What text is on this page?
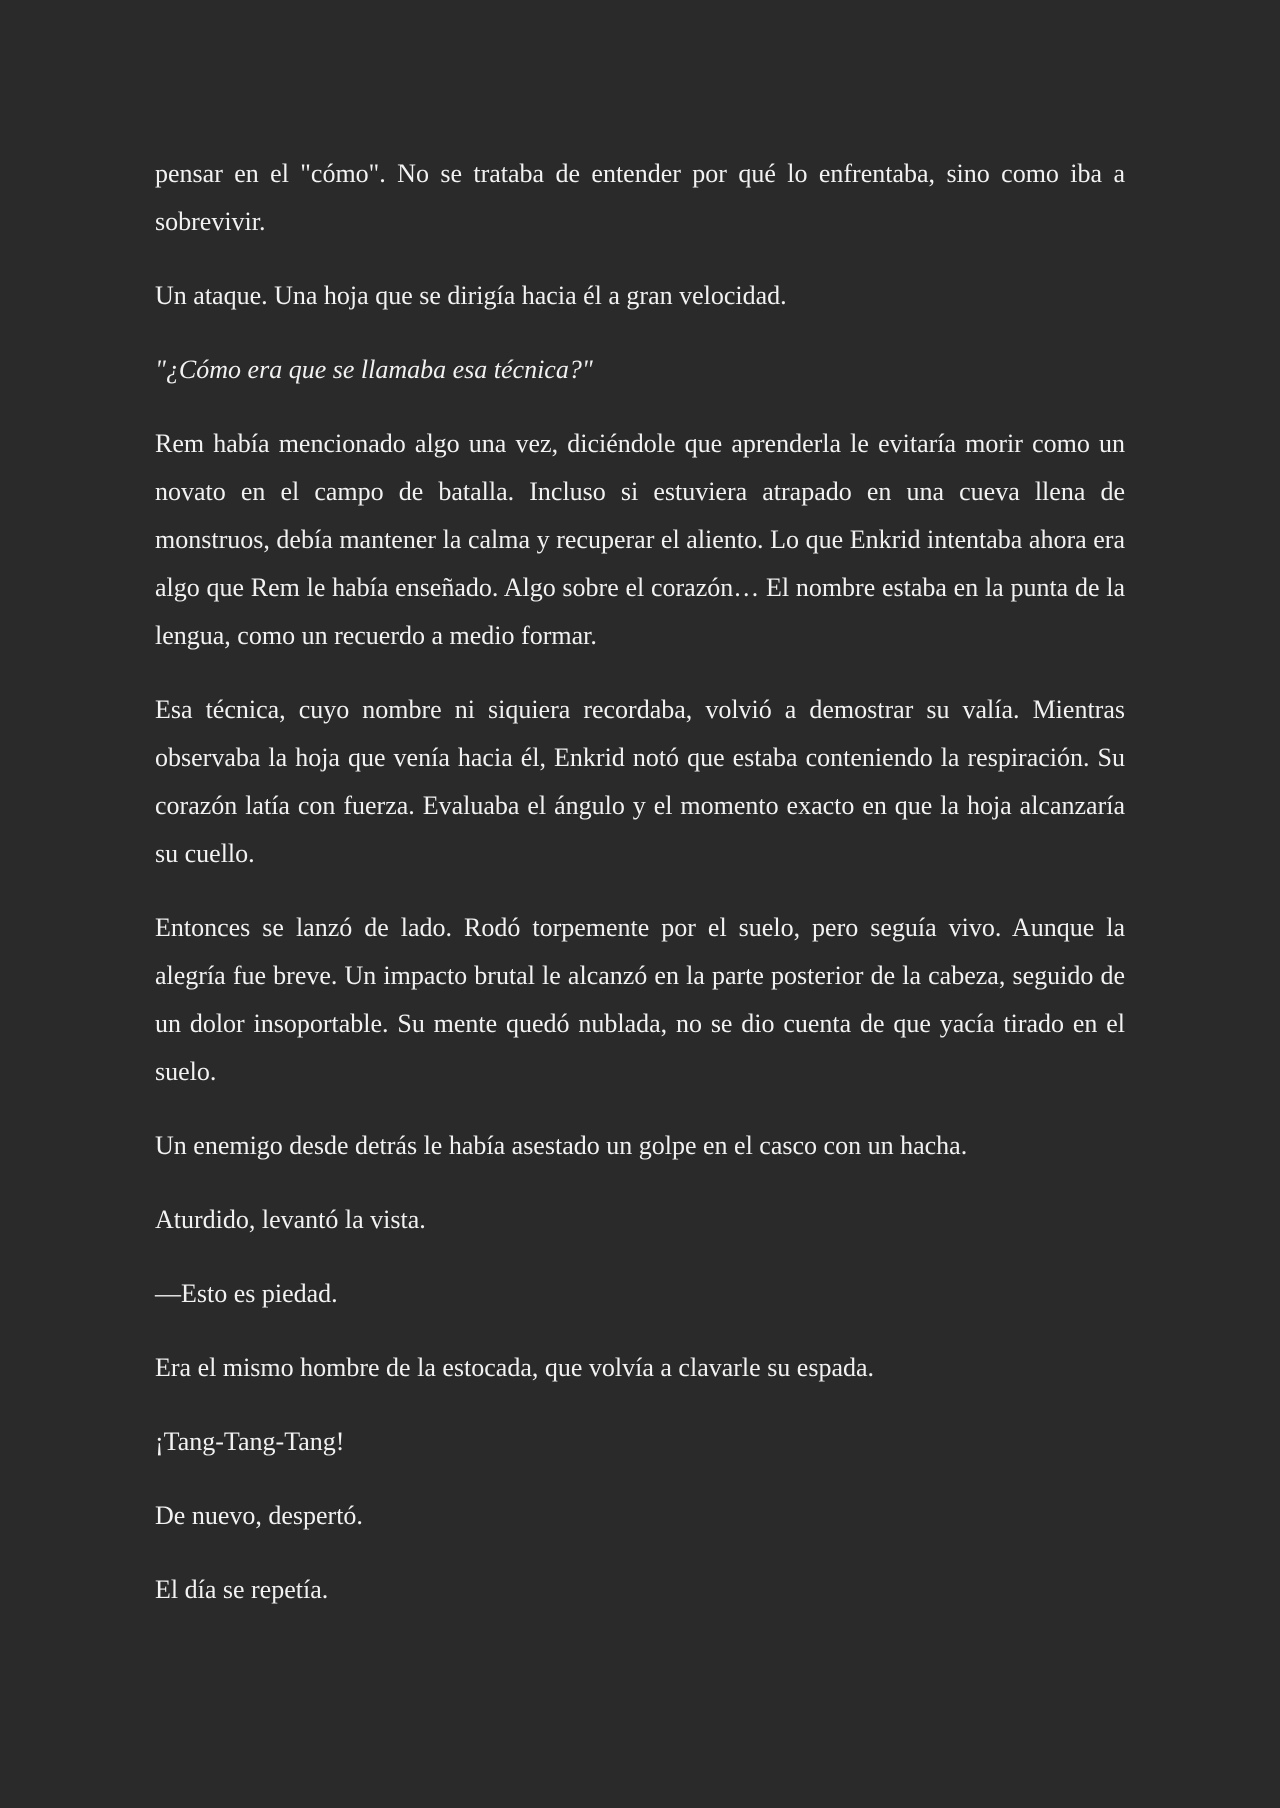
pensar en el "cómo". No se trataba de entender por qué lo enfrentaba, sino como iba a sobrevivir.

Un ataque. Una hoja que se dirigía hacia él a gran velocidad.

"¿Cómo era que se llamaba esa técnica?"

Rem había mencionado algo una vez, diciéndole que aprenderla le evitaría morir como un novato en el campo de batalla. Incluso si estuviera atrapado en una cueva llena de monstruos, debía mantener la calma y recuperar el aliento. Lo que Enkrid intentaba ahora era algo que Rem le había enseñado. Algo sobre el corazón… El nombre estaba en la punta de la lengua, como un recuerdo a medio formar.

Esa técnica, cuyo nombre ni siquiera recordaba, volvió a demostrar su valía. Mientras observaba la hoja que venía hacia él, Enkrid notó que estaba conteniendo la respiración. Su corazón latía con fuerza. Evaluaba el ángulo y el momento exacto en que la hoja alcanzaría su cuello.

Entonces se lanzó de lado. Rodó torpemente por el suelo, pero seguía vivo. Aunque la alegría fue breve. Un impacto brutal le alcanzó en la parte posterior de la cabeza, seguido de un dolor insoportable. Su mente quedó nublada, no se dio cuenta de que yacía tirado en el suelo.

Un enemigo desde detrás le había asestado un golpe en el casco con un hacha.

Aturdido, levantó la vista.

—Esto es piedad.

Era el mismo hombre de la estocada, que volvía a clavarle su espada.

¡Tang-Tang-Tang!

De nuevo, despertó.

El día se repetía.
